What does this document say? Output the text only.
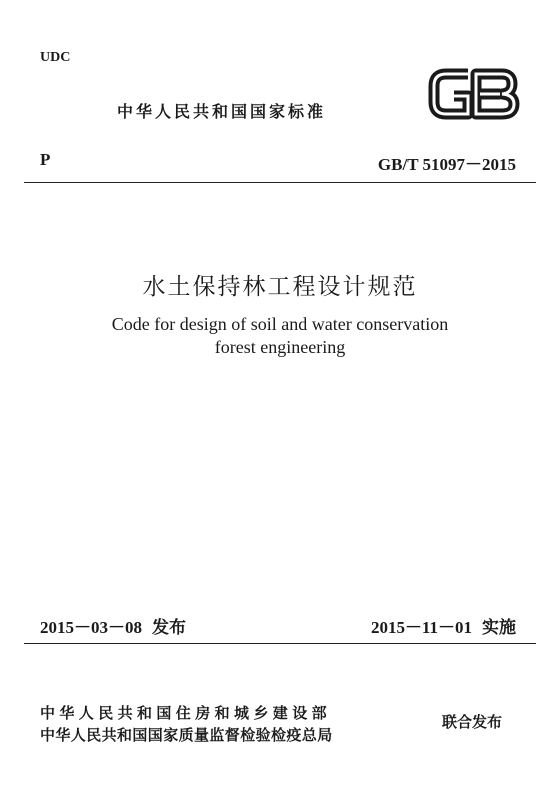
UDC
中华人民共和国国家标准
P	GB/T 51097－2015
水土保持林工程设计规范
Code for design of soil and water conservation
forest engineering
2015－03－08 发布	2015－11－01 实施
中华人民共和国住房和城乡建设部
中华人民共和国国家质量监督检验检疫总局
联合发布
